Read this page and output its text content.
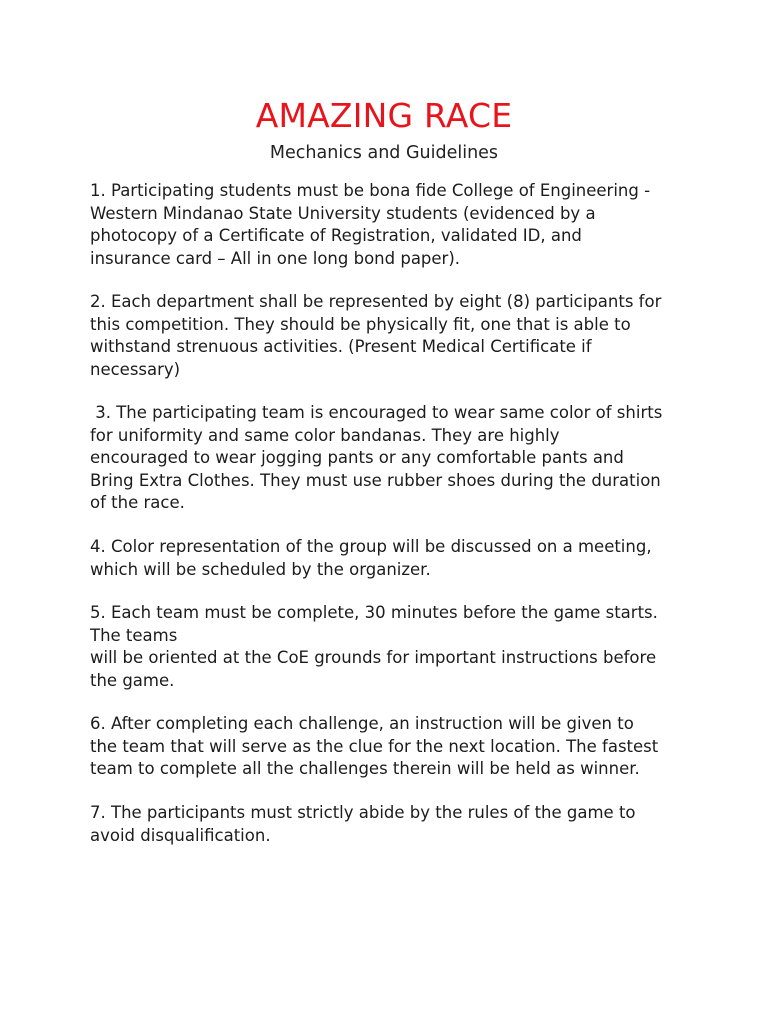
AMAZING RACE
Mechanics and Guidelines

1. Participating students must be bona fide College of Engineering -
Western Mindanao State University students (evidenced by a
photocopy of a Certificate of Registration, validated ID, and
insurance card – All in one long bond paper).

2. Each department shall be represented by eight (8) participants for
this competition. They should be physically fit, one that is able to
withstand strenuous activities. (Present Medical Certificate if
necessary)

3. The participating team is encouraged to wear same color of shirts
for uniformity and same color bandanas. They are highly
encouraged to wear jogging pants or any comfortable pants and
Bring Extra Clothes. They must use rubber shoes during the duration
of the race.

4. Color representation of the group will be discussed on a meeting,
which will be scheduled by the organizer.

5. Each team must be complete, 30 minutes before the game starts.
The teams
will be oriented at the CoE grounds for important instructions before
the game.

6. After completing each challenge, an instruction will be given to
the team that will serve as the clue for the next location. The fastest
team to complete all the challenges therein will be held as winner.

7. The participants must strictly abide by the rules of the game to
avoid disqualification.
